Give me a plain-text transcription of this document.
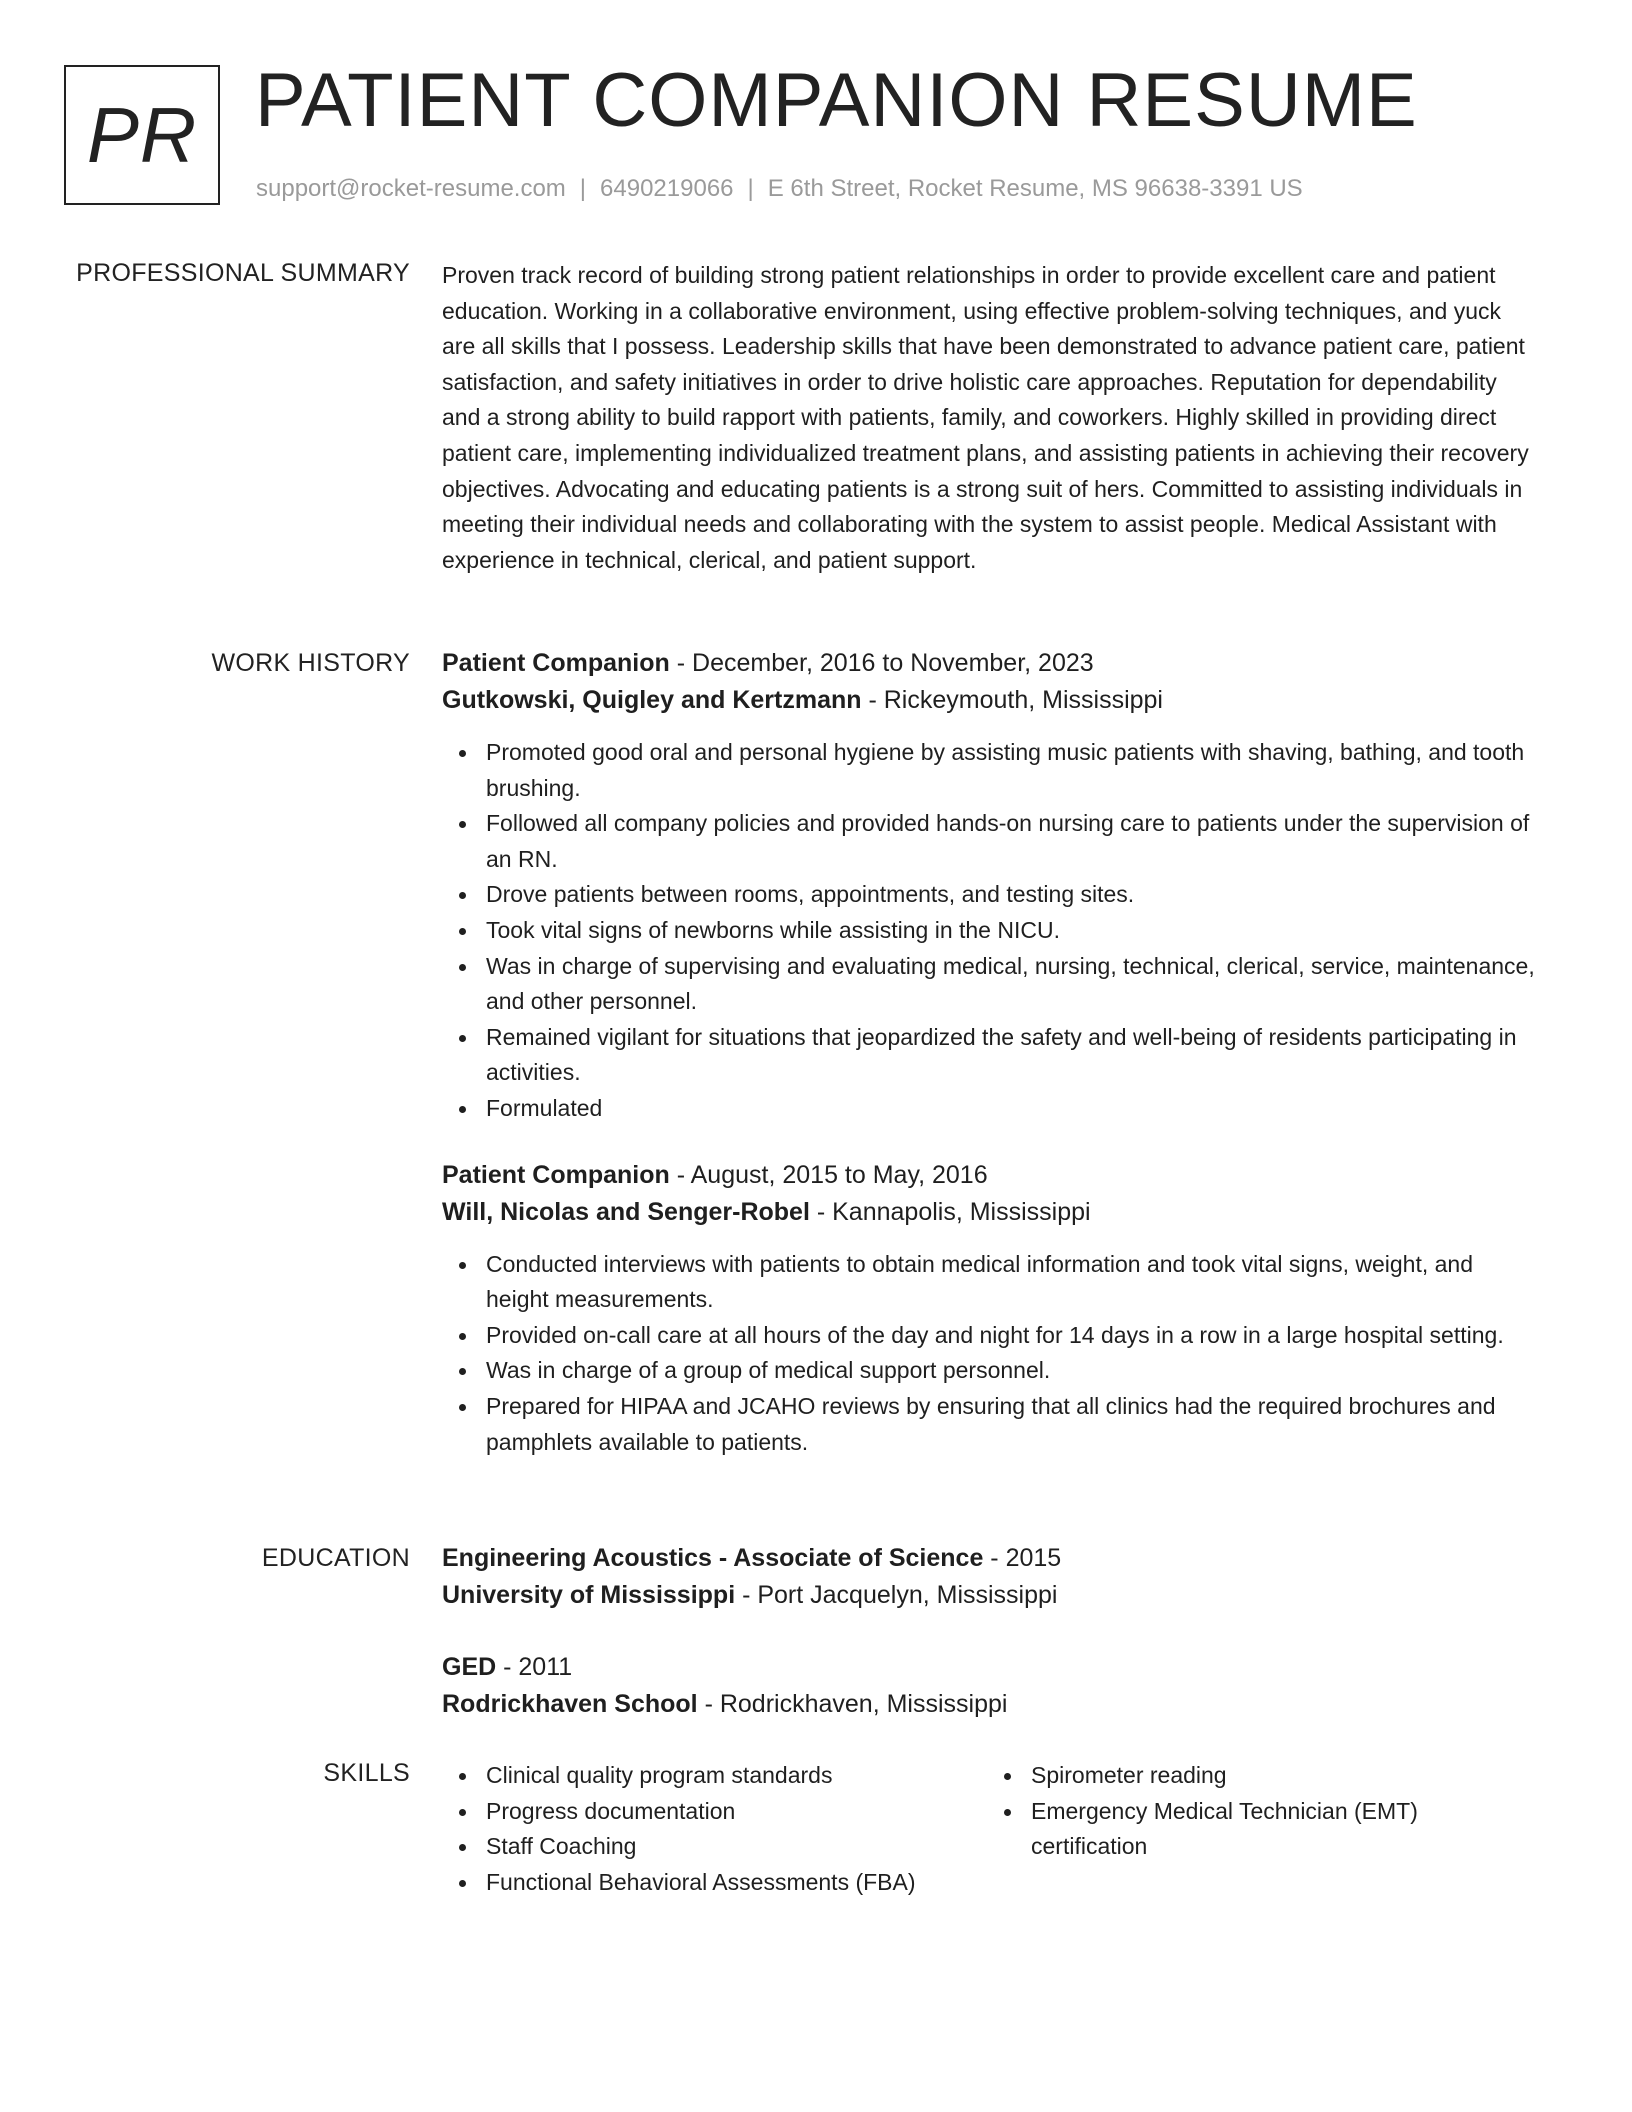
PR PATIENT COMPANION RESUME
support@rocket-resume.com | 6490219066 | E 6th Street, Rocket Resume, MS 96638-3391 US
PROFESSIONAL SUMMARY Proven track record of building strong patient relationships in order to provide excellent care and patient education. Working in a collaborative environment, using effective problem-solving techniques, and yuck are all skills that I possess. Leadership skills that have been demonstrated to advance patient care, patient satisfaction, and safety initiatives in order to drive holistic care approaches. Reputation for dependability and a strong ability to build rapport with patients, family, and coworkers. Highly skilled in providing direct patient care, implementing individualized treatment plans, and assisting patients in achieving their recovery objectives. Advocating and educating patients is a strong suit of hers. Committed to assisting individuals in meeting their individual needs and collaborating with the system to assist people. Medical Assistant with experience in technical, clerical, and patient support.

WORK HISTORY Patient Companion - December, 2016 to November, 2023
Gutkowski, Quigley and Kertzmann - Rickeymouth, Mississippi
Promoted good oral and personal hygiene by assisting music patients with shaving, bathing, and tooth brushing.
Followed all company policies and provided hands-on nursing care to patients under the supervision of an RN.
Drove patients between rooms, appointments, and testing sites.
Took vital signs of newborns while assisting in the NICU.
Was in charge of supervising and evaluating medical, nursing, technical, clerical, service, maintenance, and other personnel.
Remained vigilant for situations that jeopardized the safety and well-being of residents participating in activities.
Formulated
Patient Companion - August, 2015 to May, 2016
Will, Nicolas and Senger-Robel - Kannapolis, Mississippi
Conducted interviews with patients to obtain medical information and took vital signs, weight, and height measurements.
Provided on-call care at all hours of the day and night for 14 days in a row in a large hospital setting.
Was in charge of a group of medical support personnel.
Prepared for HIPAA and JCAHO reviews by ensuring that all clinics had the required brochures and pamphlets available to patients.
EDUCATION Engineering Acoustics - Associate of Science - 2015
University of Mississippi - Port Jacquelyn, Mississippi
GED - 2011
Rodrickhaven School - Rodrickhaven, Mississippi
SKILLS	Clinical quality program standards
Progress documentation
Staff Coaching
Functional Behavioral Assessments (FBA)
Spirometer reading
Emergency Medical Technician (EMT) certification
